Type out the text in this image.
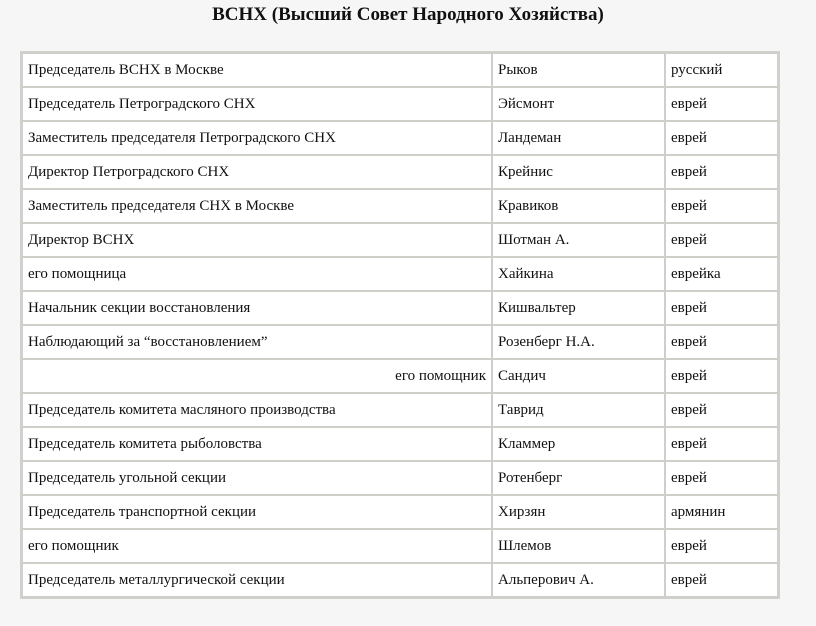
ВСНХ (Высший Совет Народного Хозяйства)
Председатель ВСНХ в Москве	Рыков	русский
Председатель Петроградского СНХ	Эйсмонт	еврей
Заместитель председателя Петроградского СНХ	Ландеман	еврей
Директор Петроградского СНХ	Крейнис	еврей
Заместитель председателя СНХ в Москве	Кравиков	еврей
Директор ВСНХ	Шотман А.	еврей
его помощница	Хайкина	еврейка
Начальник секции восстановления	Кишвальтер	еврей
Наблюдающий за “восстановлением”	Розенберг Н.А.	еврей
его помощник	Сандич	еврей
Председатель комитета масляного производства	Таврид	еврей
Председатель комитета рыболовства	Кламмер	еврей
Председатель угольной секции	Ротенберг	еврей
Председатель транспортной секции	Хирзян	армянин
его помощник	Шлемов	еврей
Председатель металлургической секции	Альперович А.	еврей
